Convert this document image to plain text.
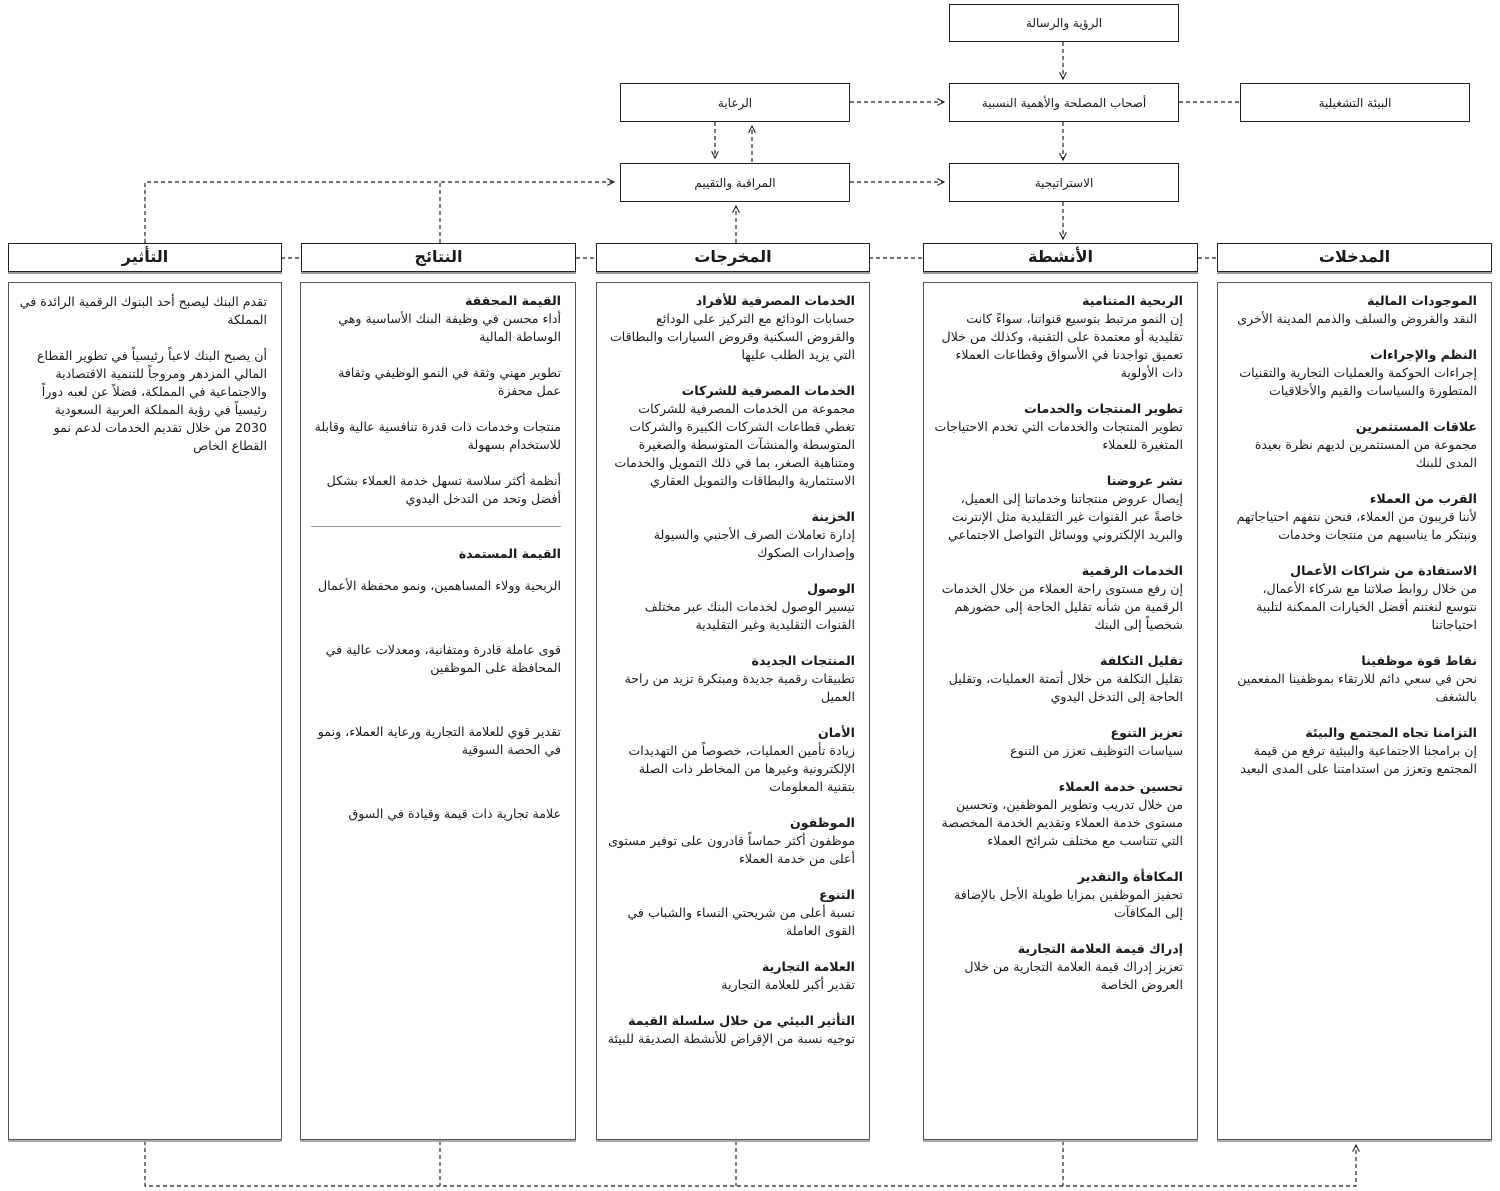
الرؤية والرسالة
الرعاية	أصحاب المصلحة والأهمية النسبية	البيئة التشغيلية
المراقبة والتقييم	الاستراتيجية
التأثير	النتائج	المخرجات	الأنشطة	المدخلات

تقدم البنك ليصبح أحد البنوك الرقمية الرائدة في المملكة

أن يصبح البنك لاعباً رئيسياً في تطوير القطاع المالي المزدهر ومروجاً للتنمية الاقتصادية والاجتماعية في المملكة، فضلاً عن لعبه دوراً رئيسياً في رؤية المملكة العربية السعودية 2030 من خلال تقديم الخدمات لدعم نمو القطاع الخاص

القيمة المحققة
أداء محسن في وظيفة البنك الأساسية وهي الوساطة المالية
تطوير مهني وثقة في النمو الوظيفي وثقافة عمل محفزة
منتجات وخدمات ذات قدرة تنافسية عالية وقابلة للاستخدام بسهولة
أنظمة أكثر سلاسة تسهل خدمة العملاء بشكل أفضل وتحد من التدخل اليدوي
القيمة المستمدة
الربحية وولاء المساهمين، ونمو محفظة الأعمال
قوى عاملة قادرة ومتفانية، ومعدلات عالية في المحافظة على الموظفين
تقدير قوي للعلامة التجارية ورعاية العملاء، ونمو في الحصة السوقية
علامة تجارية ذات قيمة وقيادة في السوق
الخدمات المصرفية للأفراد
حسابات الودائع مع التركيز على الودائع والقروض السكنية وقروض السيارات والبطاقات التي يزيد الطلب عليها
الخدمات المصرفية للشركات
مجموعة من الخدمات المصرفية للشركات تغطي قطاعات الشركات الكبيرة والشركات المتوسطة والمنشآت المتوسطة والصغيرة ومتناهية الصغر، بما في ذلك التمويل والخدمات الاستثمارية والبطاقات والتمويل العقاري
الخزينة
إدارة تعاملات الصرف الأجنبي والسيولة وإصدارات الصكوك
الوصول
تيسير الوصول لخدمات البنك عبر مختلف القنوات التقليدية وغير التقليدية
المنتجات الجديدة
تطبيقات رقمية جديدة ومبتكرة تزيد من راحة العميل
الأمان
زيادة تأمين العمليات، خصوصاً من التهديدات الإلكترونية وغيرها من المخاطر ذات الصلة بتقنية المعلومات
الموظفون
موظفون أكثر حماساً قادرون على توفير مستوى أعلى من خدمة العملاء
التنوع
نسبة أعلى من شريحتي النساء والشباب في القوى العاملة
العلامة التجارية
تقدير أكبر للعلامة التجارية
التأثير البيئي من خلال سلسلة القيمة
توجيه نسبة من الإقراض للأنشطة الصديقة للبيئة
الربحية المتنامية
إن النمو مرتبط بتوسيع قنواتنا، سواءً كانت تقليدية أو معتمدة على التقنية، وكذلك من خلال تعميق تواجدنا في الأسواق وقطاعات العملاء ذات الأولوية
تطوير المنتجات والخدمات
تطوير المنتجات والخدمات التي تخدم الاحتياجات المتغيرة للعملاء
نشر عروضنا
إيصال عروض منتجاتنا وخدماتنا إلى العميل، خاصةً عبر القنوات غير التقليدية مثل الإنترنت والبريد الإلكتروني ووسائل التواصل الاجتماعي
الخدمات الرقمية
إن رفع مستوى راحة العملاء من خلال الخدمات الرقمية من شأنه تقليل الحاجة إلى حضورهم شخصياً إلى البنك
تقليل التكلفة
تقليل التكلفة من خلال أتمتة العمليات، وتقليل الحاجة إلى التدخل اليدوي
تعزيز التنوع
سياسات التوظيف تعزز من التنوع
تحسين خدمة العملاء
من خلال تدريب وتطوير الموظفين، وتحسين مستوى خدمة العملاء وتقديم الخدمة المخصصة التي تتناسب مع مختلف شرائح العملاء
المكافأة والتقدير
تحفيز الموظفين بمزايا طويلة الأجل بالإضافة إلى المكافآت
إدراك قيمة العلامة التجارية
تعزيز إدراك قيمة العلامة التجارية من خلال العروض الخاصة
الموجودات المالية
النقد والقروض والسلف والذمم المدينة الأخرى
النظم والإجراءات
إجراءات الحوكمة والعمليات التجارية والتقنيات المتطورة والسياسات والقيم والأخلاقيات
علاقات المستثمرين
مجموعة من المستثمرين لديهم نظرة بعيدة المدى للبنك
القرب من العملاء
لأننا قريبون من العملاء، فنحن نتفهم احتياجاتهم ونبتكر ما يناسبهم من منتجات وخدمات
الاستفادة من شراكات الأعمال
من خلال روابط صلاتنا مع شركاء الأعمال، نتوسع لنغتنم أفضل الخيارات الممكنة لتلبية احتياجاتنا
نقاط قوة موظفينا
نحن في سعي دائم للارتقاء بموظفينا المفعمين بالشغف
التزامنا تجاه المجتمع والبيئة
إن برامجنا الاجتماعية والبيئية ترفع من قيمة المجتمع وتعزز من استدامتنا على المدى البعيد
